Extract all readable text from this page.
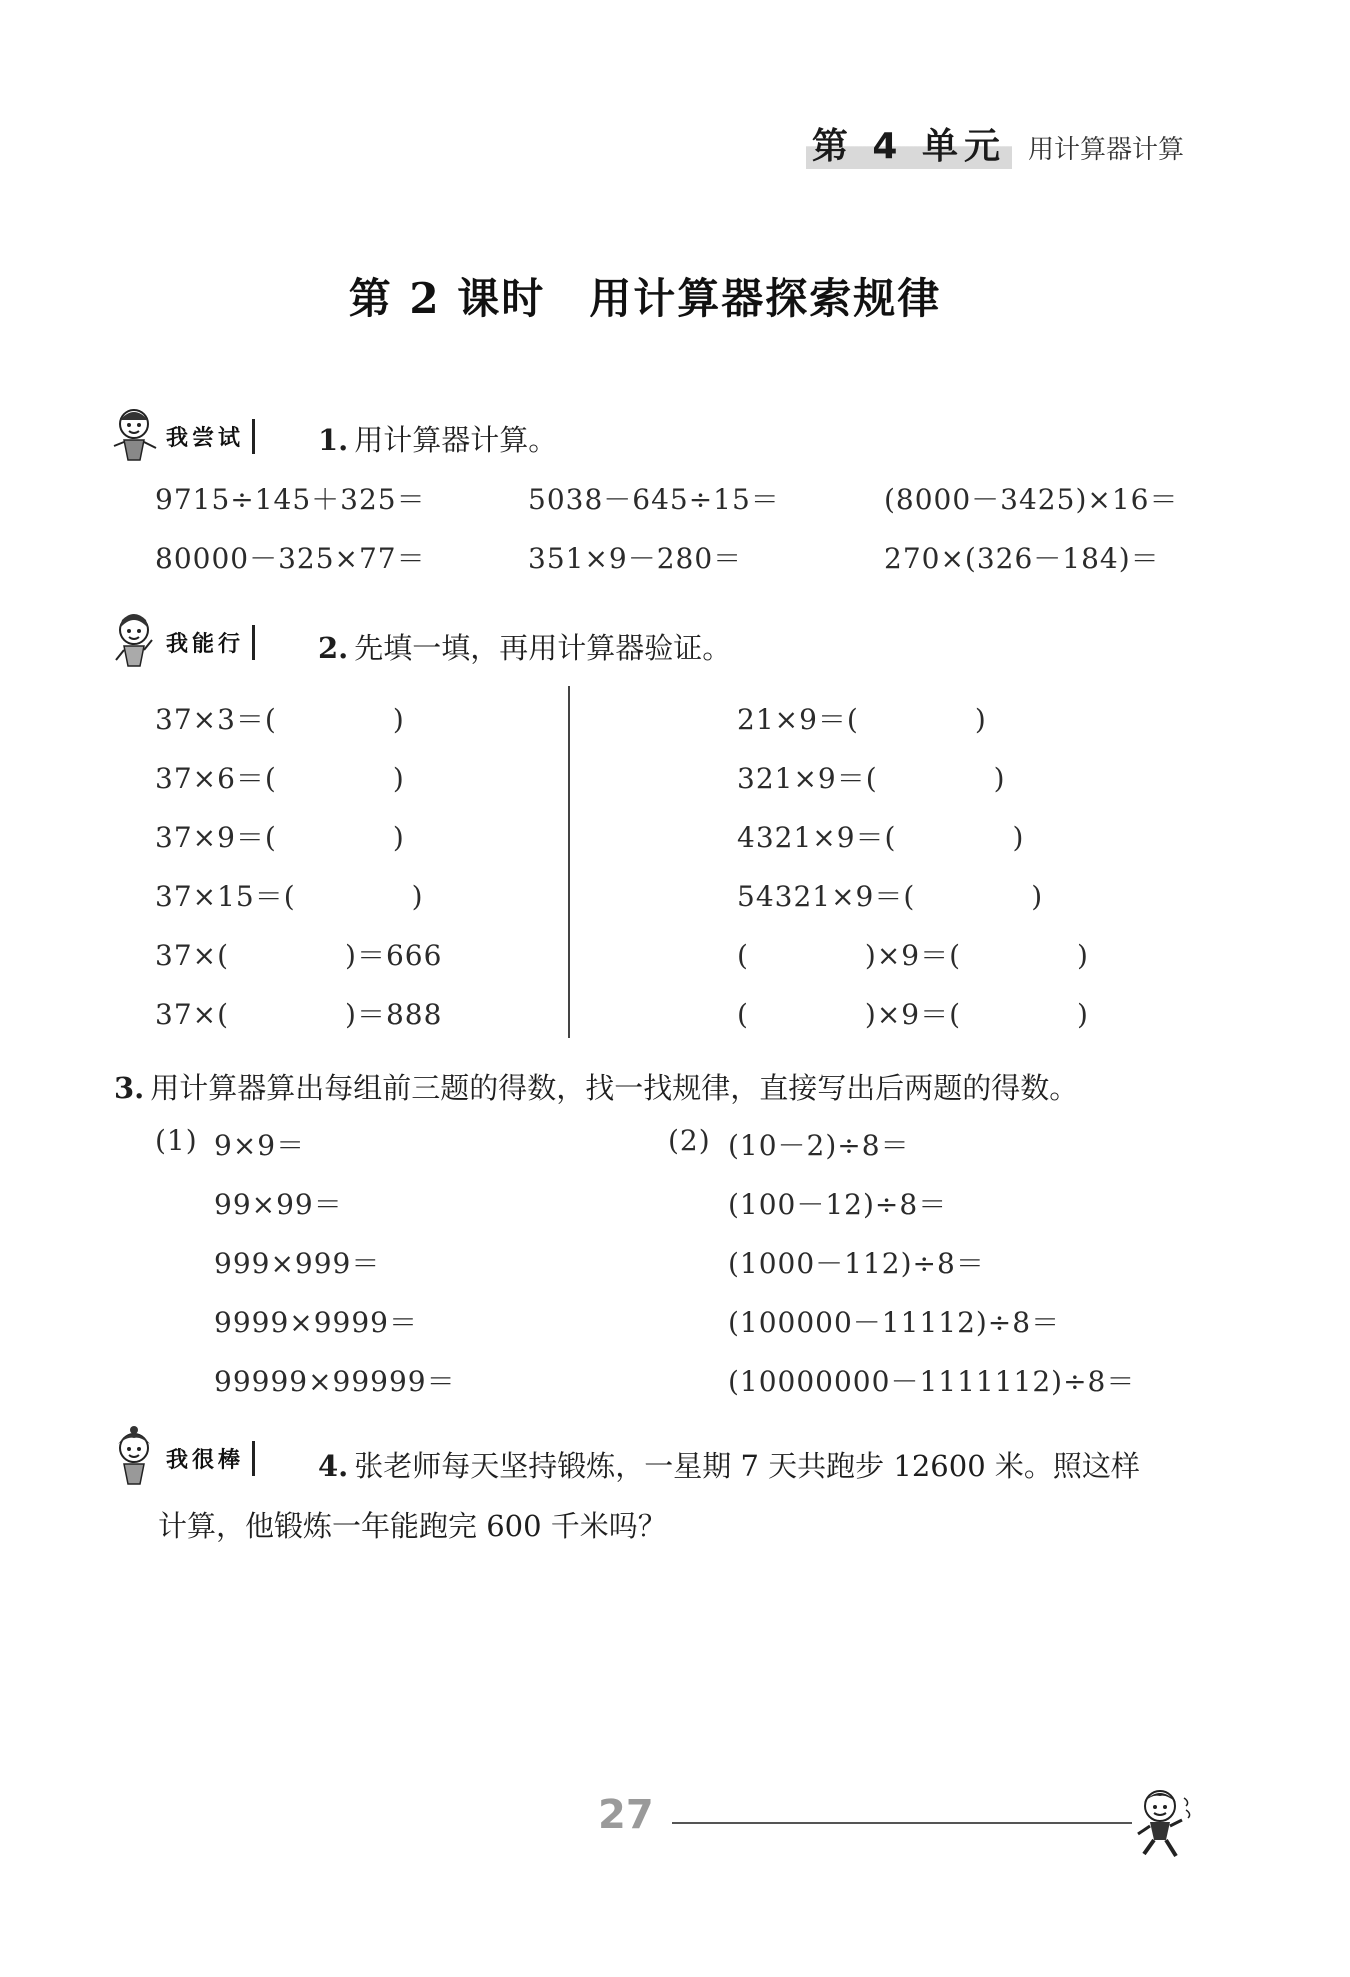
第 4 单元 用计算器计算
第 2 课时　用计算器探索规律
我尝试	1. 用计算器计算。
9715÷145＋325＝	5038－645÷15＝	(8000－3425)×16＝
80000－325×77＝	351×9－280＝	270×(326－184)＝
我能行	2. 先填一填，再用计算器验证。
37×3＝(　　　　)
37×6＝(　　　　)
37×9＝(　　　　)
37×15＝(　　　　)
37×(　　　　)＝666
37×(　　　　)＝888
21×9＝(　　　　)
321×9＝(　　　　)
4321×9＝(　　　　)
54321×9＝(　　　　)
(　　　　)×9＝(　　　　)
(　　　　)×9＝(　　　　)
3. 用计算器算出每组前三题的得数，找一找规律，直接写出后两题的得数。
(1) 9×9＝
99×99＝
999×999＝
9999×9999＝
99999×99999＝
(2) (10－2)÷8＝
(100－12)÷8＝
(1000－112)÷8＝
(100000－11112)÷8＝
(10000000－1111112)÷8＝
我很棒	4. 张老师每天坚持锻炼，一星期 7 天共跑步 12600 米。照这样
计算，他锻炼一年能跑完 600 千米吗？
27
